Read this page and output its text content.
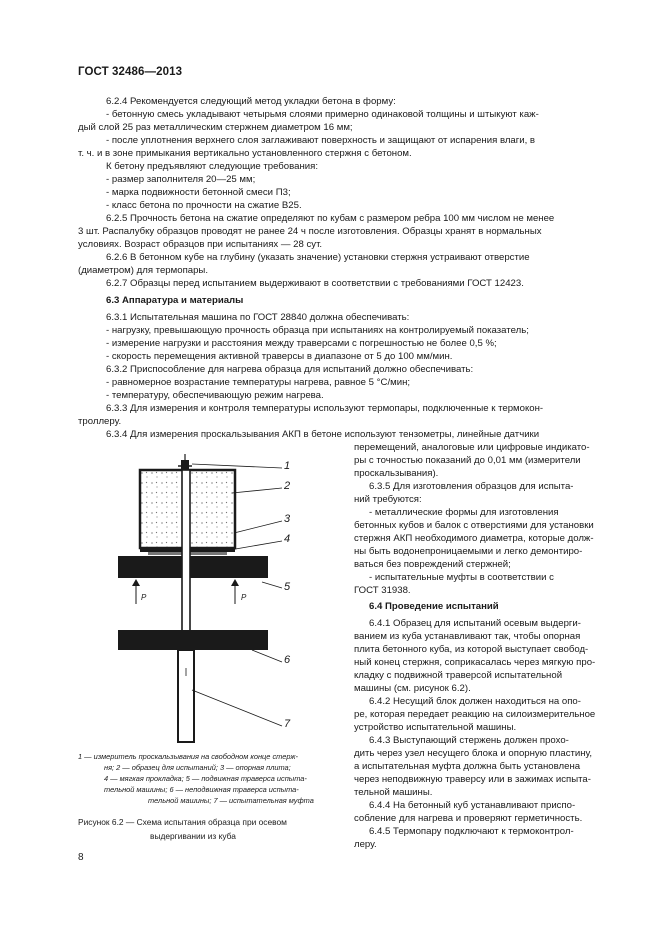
ГОСТ 32486—2013
6.2.4 Рекомендуется следующий метод укладки бетона в форму:
- бетонную смесь укладывают четырьмя слоями примерно одинаковой толщины и штыкуют каж-
дый слой 25 раз металлическим стержнем диаметром 16 мм;
- после уплотнения верхнего слоя заглаживают поверхность и защищают от испарения влаги, в
т. ч. и в зоне примыкания вертикально установленного стержня с бетоном.
К бетону предъявляют следующие требования:
- размер заполнителя 20—25 мм;
- марка подвижности бетонной смеси П3;
- класс бетона по прочности на сжатие В25.
6.2.5 Прочность бетона на сжатие определяют по кубам с размером ребра 100 мм числом не менее
3 шт. Распалубку образцов проводят не ранее 24 ч после изготовления. Образцы хранят в нормальных
условиях. Возраст образцов при испытаниях — 28 сут.
6.2.6 В бетонном кубе на глубину (указать значение) установки стержня устраивают отверстие
(диаметром) для термопары.
6.2.7 Образцы перед испытанием выдерживают в соответствии с требованиями ГОСТ 12423.
6.3 Аппаратура и материалы
6.3.1 Испытательная машина по ГОСТ 28840 должна обеспечивать:
- нагрузку, превышающую прочность образца при испытаниях на контролируемый показатель;
- измерение нагрузки и расстояния между траверсами с погрешностью не более 0,5 %;
- скорость перемещения активной траверсы в диапазоне от 5 до 100 мм/мин.
6.3.2 Приспособление для нагрева образца для испытаний должно обеспечивать:
- равномерное возрастание температуры нагрева, равное 5 °С/мин;
- температуру, обеспечивающую режим нагрева.
6.3.3 Для измерения и контроля температуры используют термопары, подключенные к термокон-
троллеру.
6.3.4 Для измерения проскальзывания АКП в бетоне используют тензометры, линейные датчики
перемещений, аналоговые или цифровые индикато-
ры с точностью показаний до 0,01 мм (измерители
проскальзывания).
6.3.5 Для изготовления образцов для испыта-
ний требуются:
- металлические формы для изготовления
бетонных кубов и балок с отверстиями для установки
стержня АКП необходимого диаметра, которые долж-
ны быть водонепроницаемыми и легко демонтиро-
ваться без повреждений стержней;
- испытательные муфты в соответствии с
ГОСТ 31938.
6.4 Проведение испытаний
6.4.1 Образец для испытаний осевым выдерги-
ванием из куба устанавливают так, чтобы опорная
плита бетонного куба, из которой выступает свобод-
ный конец стержня, соприкасалась через мягкую про-
кладку с подвижной траверсой испытательной
машины (см. рисунок 6.2).
6.4.2 Несущий блок должен находиться на опо-
ре, которая передает реакцию на силоизмерительное
устройство испытательной машины.
6.4.3 Выступающий стержень должен прохо-
дить через узел несущего блока и опорную пластину,
а испытательная муфта должна быть установлена
через неподвижную траверсу или в зажимах испыта-
тельной машины.
6.4.4 На бетонный куб устанавливают приспо-
собление для нагрева и проверяют герметичность.
6.4.5 Термопару подключают к термоконтрол-
леру.
1
2
3
4
5
6
7
P	P
1 — измеритель проскальзывания на свободном конце стерж-
ня; 2 — образец для испытаний; 3 — опорная плита;
4 — мягкая прокладка; 5 — подвижная траверса испыта-
тельной машины; 6 — неподвижная траверса испыта-
тельной машины; 7 — испытательная муфта
Рисунок 6.2 — Схема испытания образца при осевом
выдергивании из куба
8
